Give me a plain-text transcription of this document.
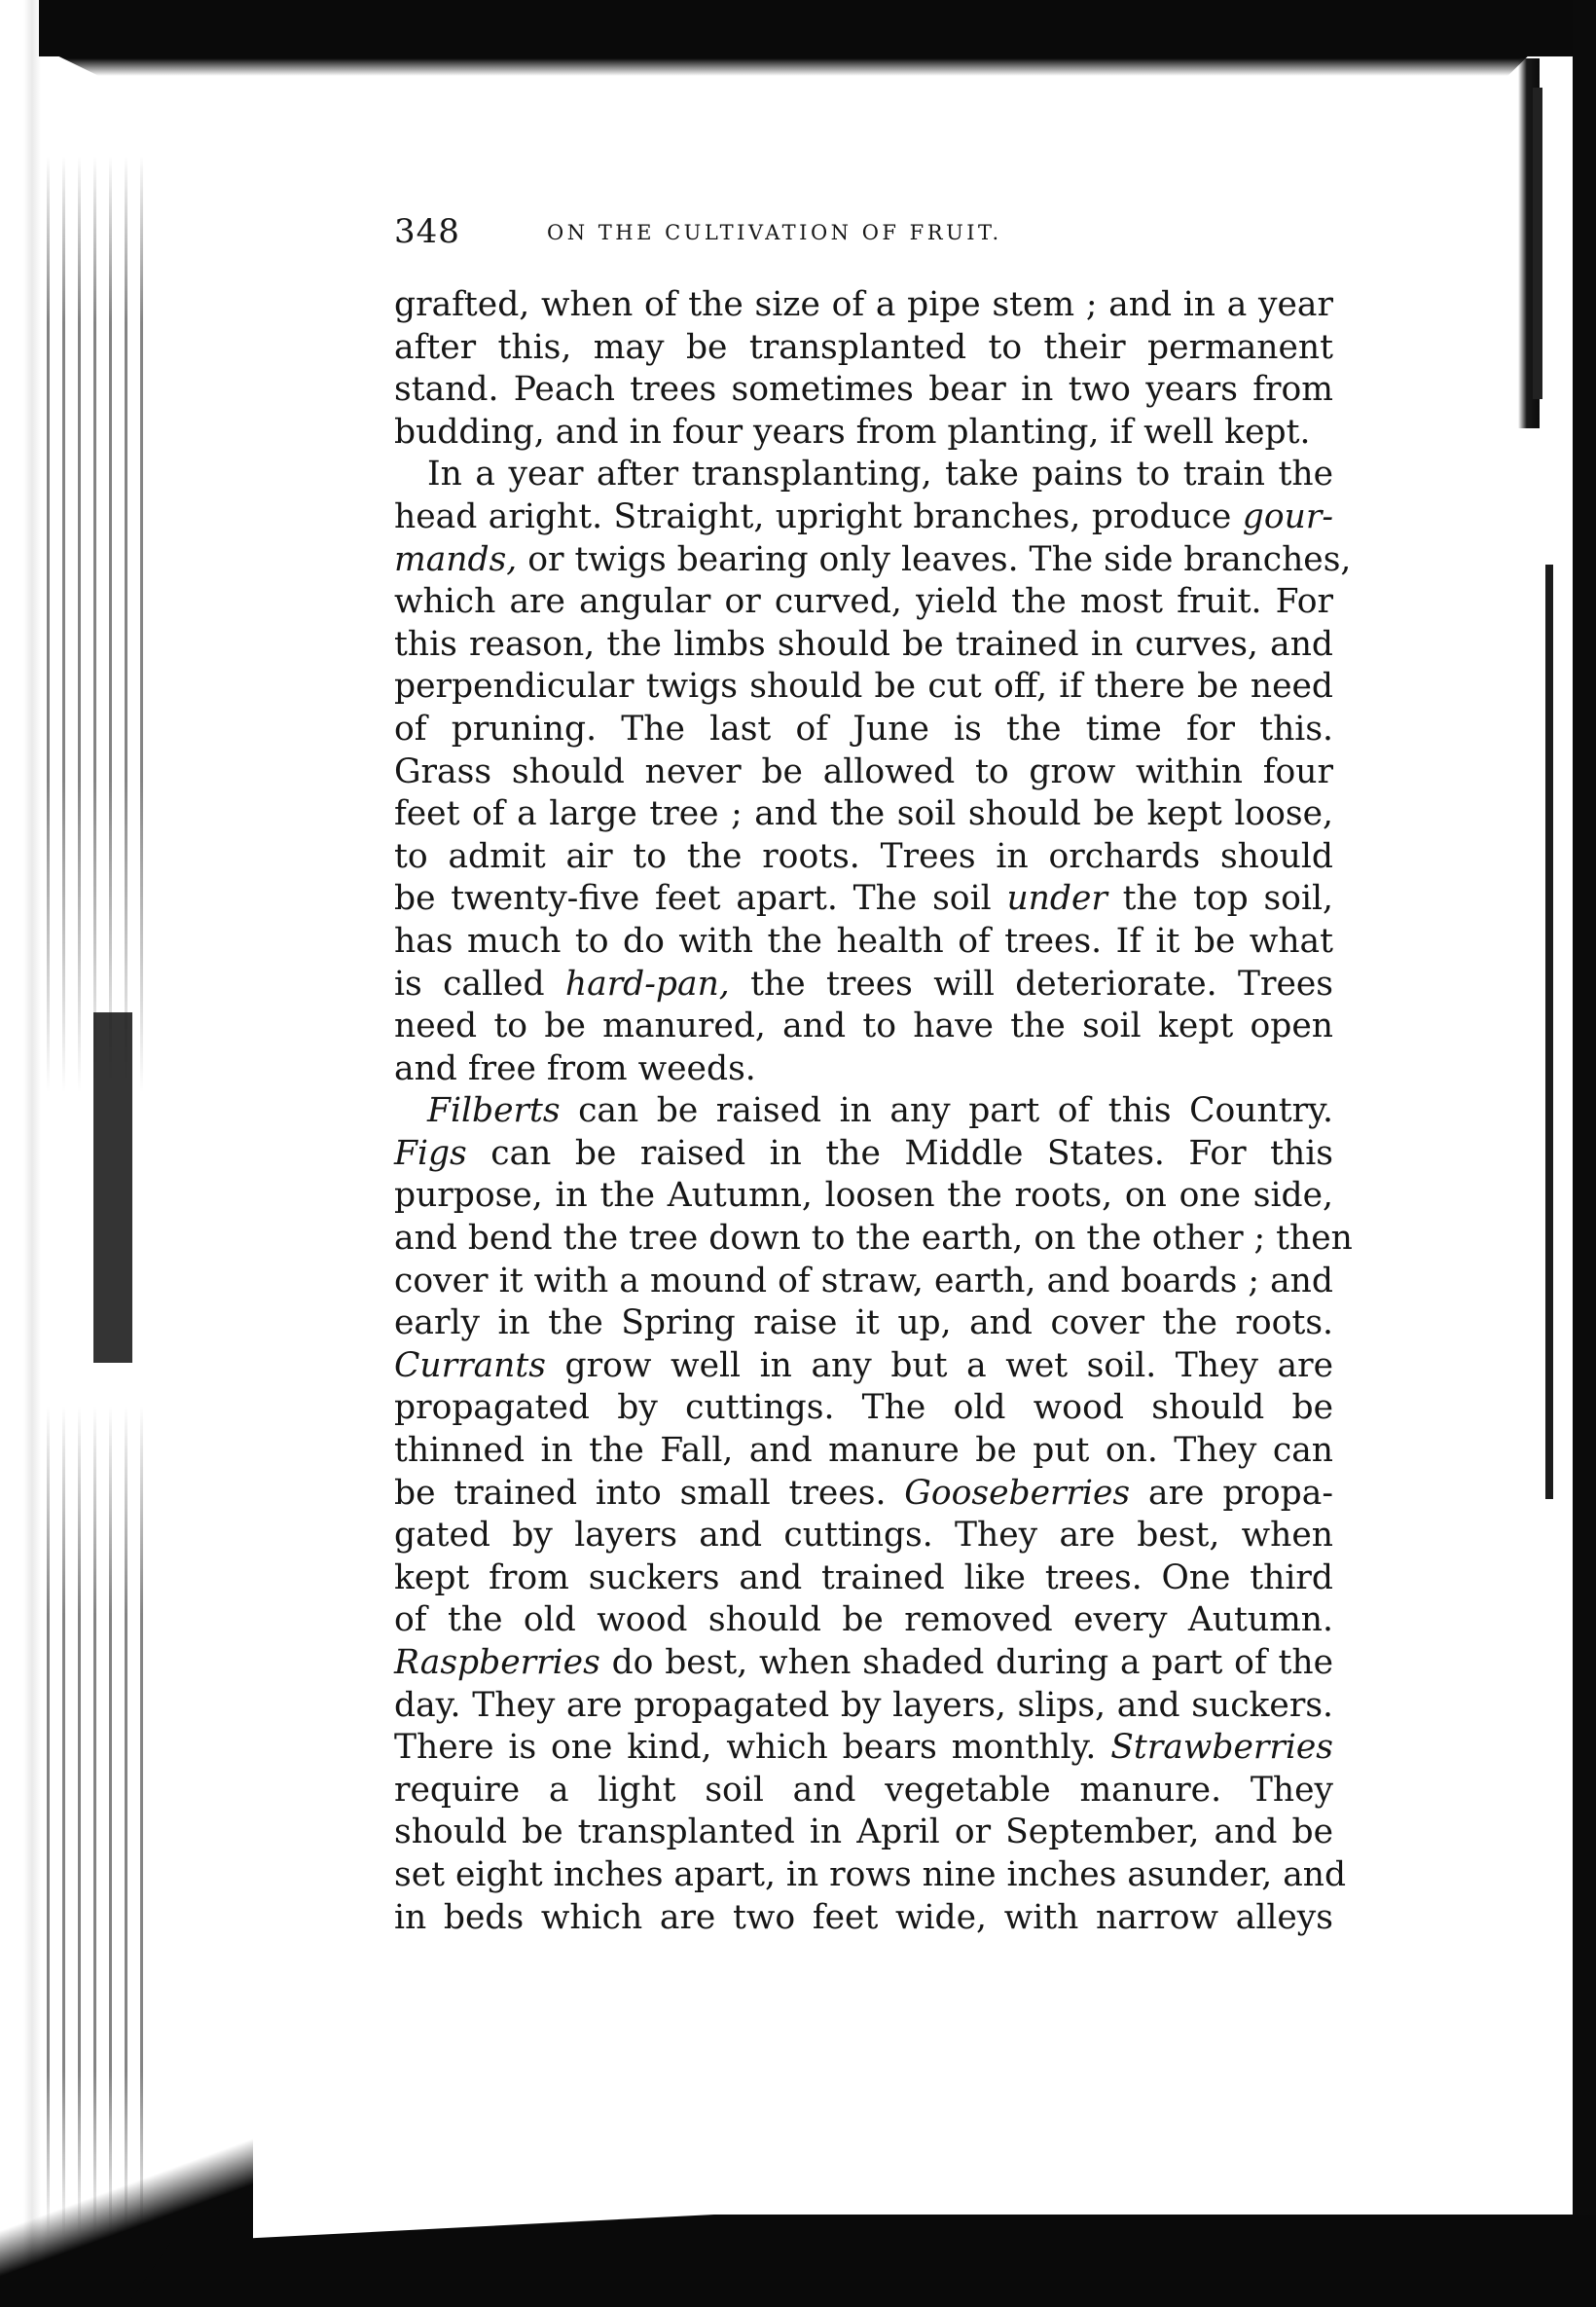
348	ON THE CULTIVATION OF FRUIT.
grafted, when of the size of a pipe stem ; and in a year
after this, may be transplanted to their permanent
stand. Peach trees sometimes bear in two years from
budding, and in four years from planting, if well kept.
In a year after transplanting, take pains to train the
head aright. Straight, upright branches, produce gour-
mands, or twigs bearing only leaves. The side branches,
which are angular or curved, yield the most fruit. For
this reason, the limbs should be trained in curves, and
perpendicular twigs should be cut off, if there be need
of pruning. The last of June is the time for this.
Grass should never be allowed to grow within four
feet of a large tree ; and the soil should be kept loose,
to admit air to the roots. Trees in orchards should
be twenty-five feet apart. The soil under the top soil,
has much to do with the health of trees. If it be what
is called hard-pan, the trees will deteriorate. Trees
need to be manured, and to have the soil kept open
and free from weeds.
Filberts can be raised in any part of this Country.
Figs can be raised in the Middle States. For this
purpose, in the Autumn, loosen the roots, on one side,
and bend the tree down to the earth, on the other ; then
cover it with a mound of straw, earth, and boards ; and
early in the Spring raise it up, and cover the roots.
Currants grow well in any but a wet soil. They are
propagated by cuttings. The old wood should be
thinned in the Fall, and manure be put on. They can
be trained into small trees. Gooseberries are propa-
gated by layers and cuttings. They are best, when
kept from suckers and trained like trees. One third
of the old wood should be removed every Autumn.
Raspberries do best, when shaded during a part of the
day. They are propagated by layers, slips, and suckers.
There is one kind, which bears monthly. Strawberries
require a light soil and vegetable manure. They
should be transplanted in April or September, and be
set eight inches apart, in rows nine inches asunder, and
in beds which are two feet wide, with narrow alleys
